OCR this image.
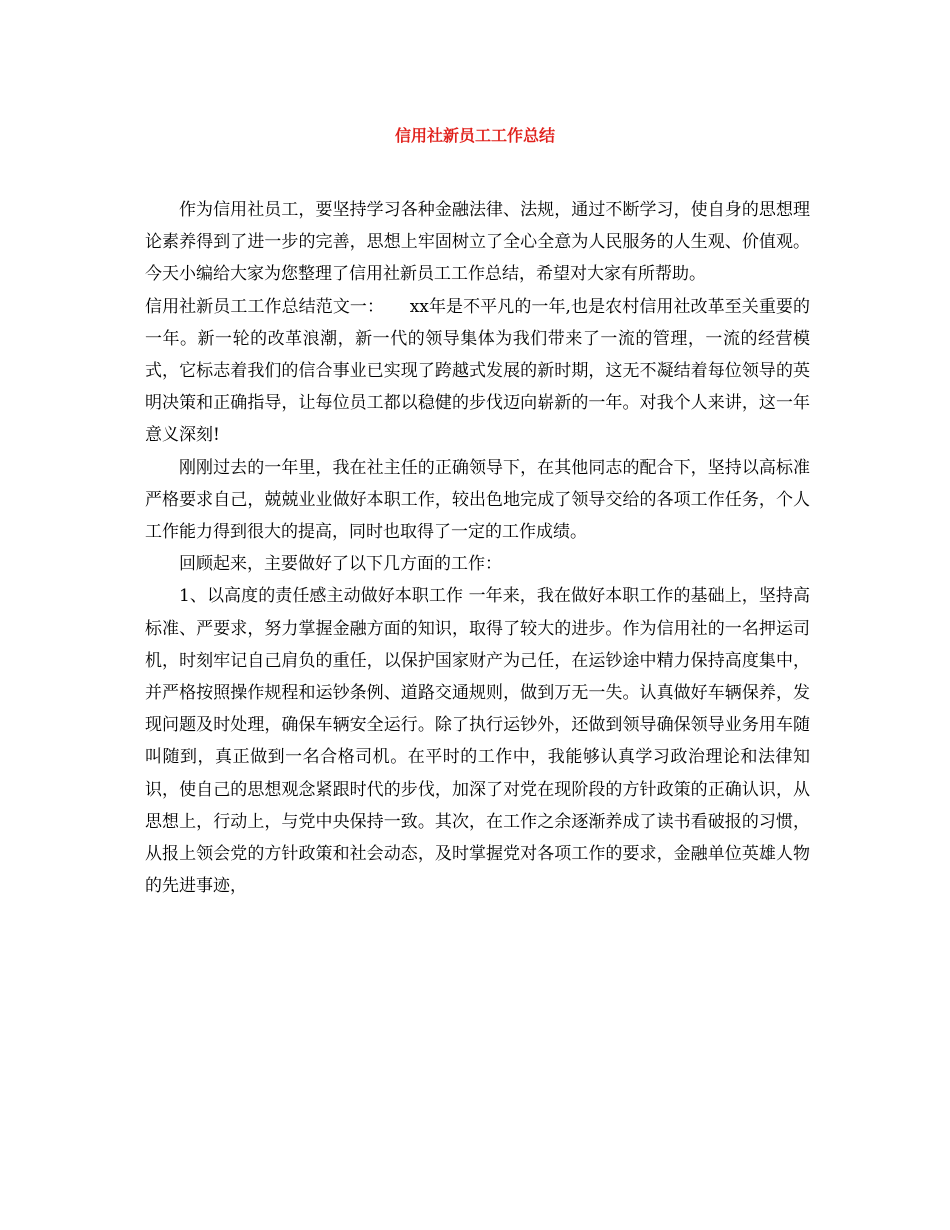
信用社新员工工作总结

作为信用社员工，要坚持学习各种金融法律、法规，通过不断学习，使自身的思想理论素养得到了进一步的完善，思想上牢固树立了全心全意为人民服务的人生观、价值观。今天小编给大家为您整理了信用社新员工工作总结，希望对大家有所帮助。

信用社新员工工作总结范文一：　　xx年是不平凡的一年,也是农村信用社改革至关重要的一年。新一轮的改革浪潮，新一代的领导集体为我们带来了一流的管理，一流的经营模式，它标志着我们的信合事业已实现了跨越式发展的新时期，这无不凝结着每位领导的英明决策和正确指导，让每位员工都以稳健的步伐迈向崭新的一年。对我个人来讲，这一年意义深刻!

刚刚过去的一年里，我在社主任的正确领导下，在其他同志的配合下，坚持以高标准严格要求自己，兢兢业业做好本职工作，较出色地完成了领导交给的各项工作任务，个人工作能力得到很大的提高，同时也取得了一定的工作成绩。

回顾起来，主要做好了以下几方面的工作：

1、以高度的责任感主动做好本职工作 一年来，我在做好本职工作的基础上，坚持高标准、严要求，努力掌握金融方面的知识，取得了较大的进步。作为信用社的一名押运司机，时刻牢记自己肩负的重任，以保护国家财产为己任，在运钞途中精力保持高度集中，并严格按照操作规程和运钞条例、道路交通规则，做到万无一失。认真做好车辆保养，发现问题及时处理，确保车辆安全运行。除了执行运钞外，还做到领导确保领导业务用车随叫随到，真正做到一名合格司机。在平时的工作中，我能够认真学习政治理论和法律知识，使自己的思想观念紧跟时代的步伐，加深了对党在现阶段的方针政策的正确认识，从思想上，行动上，与党中央保持一致。其次，在工作之余逐渐养成了读书看破报的习惯，从报上领会党的方针政策和社会动态，及时掌握党对各项工作的要求，金融单位英雄人物的先进事迹，
